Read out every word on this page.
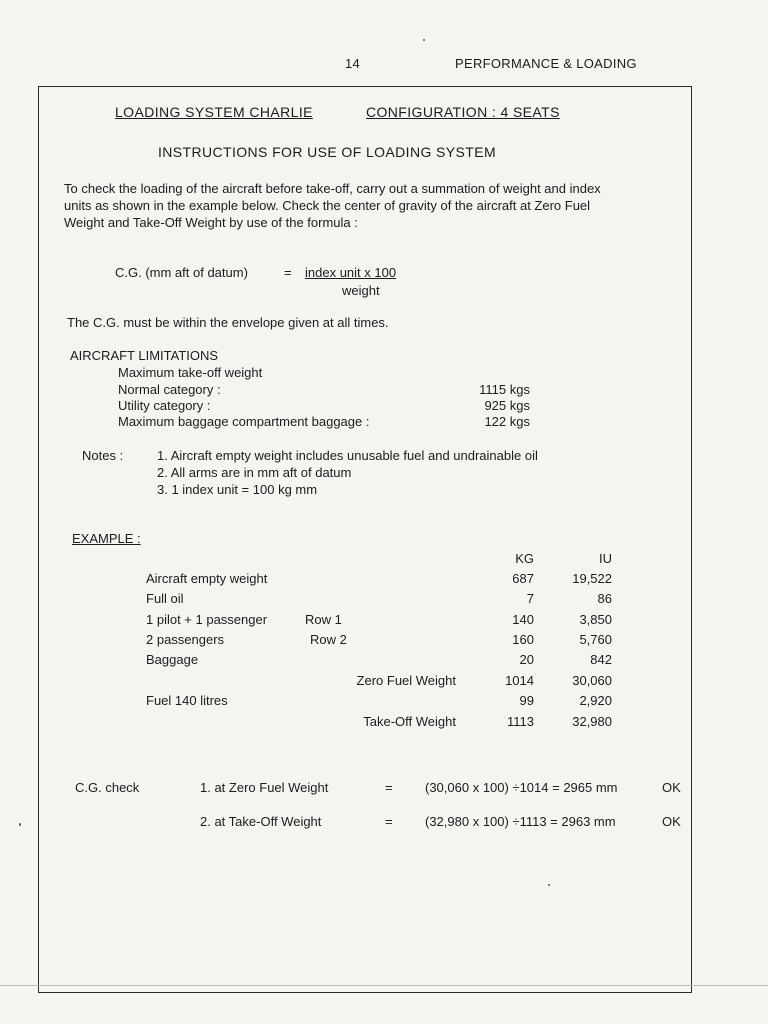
14	PERFORMANCE & LOADING
LOADING SYSTEM CHARLIE	CONFIGURATION : 4 SEATS
INSTRUCTIONS FOR USE OF LOADING SYSTEM
To check the loading of the aircraft before take-off, carry out a summation of weight and index units as shown in the example below. Check the center of gravity of the aircraft at Zero Fuel Weight and Take-Off Weight by use of the formula :
C.G. (mm aft of datum)	= index unit x 100
weight
The C.G. must be within the envelope given at all times.
AIRCRAFT LIMITATIONS
Maximum take-off weight
Normal category :	1115 kgs
Utility category :	925 kgs
Maximum baggage compartment baggage :	122 kgs
Notes :	1. Aircraft empty weight includes unusable fuel and undrainable oil
2. All arms are in mm aft of datum
3. 1 index unit = 100 kg mm
EXAMPLE :
KG	IU
Aircraft empty weight	687	19,522
Full oil	7	86
1 pilot + 1 passenger	Row 1	140	3,850
2 passengers	Row 2	160	5,760
Baggage	20	842
Zero Fuel Weight	1014	30,060
Fuel 140 litres	99	2,920
Take-Off Weight	1113	32,980
C.G. check	1. at Zero Fuel Weight	= (30,060 x 100) ÷1014 = 2965 mm	OK
2. at Take-Off Weight	= (32,980 x 100) ÷1113 = 2963 mm	OK
